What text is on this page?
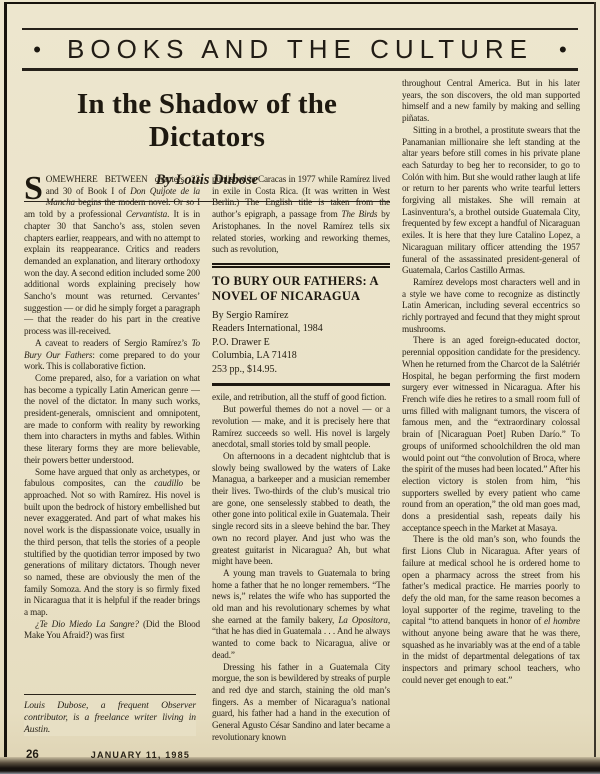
• BOOKS AND THE CULTURE •
In the Shadow of the Dictators
By Louis Dubose

SOMEWHERE BETWEEN chapters 23 and 30 of Book I of Don Quijote de la Mancha begins the modern novel. Or so I am told by a professional Cervantista. It is in chapter 30 that Sancho’s ass, stolen seven chapters earlier, reappears, and with no attempt to explain its reappearance. Critics and readers demanded an explanation, and literary orthodoxy won the day. A second edition included some 200 additional words explaining precisely how Sancho’s mount was returned. Cervantes’ suggestion — or did he simply forget a paragraph — that the reader do his part in the creative process was ill-received.

A caveat to readers of Sergio Ramírez’s To Bury Our Fathers: come prepared to do your work. This is collaborative fiction.

Come prepared, also, for a variation on what has become a typically Latin American genre — the novel of the dictator. In many such works, president-generals, omniscient and omnipotent, are made to conform with reality by reworking them into characters in myths and fables. Within these literary forms they are more believable, their powers better understood.

Some have argued that only as archetypes, or fabulous composites, can the caudillo be approached. Not so with Ramírez. His novel is built upon the bedrock of history embellished but never exaggerated. And part of what makes his novel work is the dispassionate voice, usually in the third person, that tells the stories of a people stultified by the quotidian terror imposed by two generations of military dictators. Though never so named, these are obviously the men of the family Somoza. And the story is so firmly fixed in Nicaragua that it is helpful if the reader brings a map.

¿Te Dio Miedo La Sangre? (Did the Blood Make You Afraid?) was first

published in Caracas in 1977 while Ramírez lived in exile in Costa Rica. (It was written in West Berlin.) The English title is taken from the author’s epigraph, a passage from The Birds by Aristophanes. In the novel Ramírez tells six related stories, working and reworking themes, such as revolution,

TO BURY OUR FATHERS: A NOVEL OF NICARAGUA
By Sergio Ramírez
Readers International, 1984
P.O. Drawer E
Columbia, LA 71418
253 pp., $14.95.

exile, and retribution, all the stuff of good fiction.

But powerful themes do not a novel — or a revolution — make, and it is precisely here that Ramírez succeeds so well. His novel is largely anecdotal, small stories told by small people.

On afternoons in a decadent nightclub that is slowly being swallowed by the waters of Lake Managua, a barkeeper and a musician remember their lives. Two-thirds of the club’s musical trio are gone, one senselessly stabbed to death, the other gone into political exile in Guatemala. Their single record sits in a sleeve behind the bar. They own no record player. And just who was the greatest guitarist in Nicaragua? Ah, but what might have been.

A young man travels to Guatemala to bring home a father that he no longer remembers. “The news is,” relates the wife who has supported the old man and his revolutionary schemes by what she earned at the family bakery, La Opositora, “that he has died in Guatemala . . . And he always wanted to come back to Nicaragua, alive or dead.”

Dressing his father in a Guatemala City morgue, the son is bewildered by streaks of purple and red dye and starch, staining the old man’s fingers. As a member of Nicaragua’s national guard, his father had a hand in the execution of General Agusto César Sandino and later became a revolutionary known

throughout Central America. But in his later years, the son discovers, the old man supported himself and a new family by making and selling piñatas.

Sitting in a brothel, a prostitute swears that the Panamanian millionaire she left standing at the altar years before still comes in his private plane each Saturday to beg her to reconsider, to go to Colón with him. But she would rather laugh at life or return to her parents who write tearful letters forgiving all mistakes. She will remain at Lasinventura’s, a brothel outside Guatemala City, frequented by few except a handful of Nicaraguan exiles. It is here that they lure Catalino Lopez, a Nicaraguan military officer attending the 1957 funeral of the assassinated president-general of Guatemala, Carlos Castillo Armas.

Ramírez develops most characters well and in a style we have come to recognize as distinctly Latin American, including several eccentrics so richly portrayed and fecund that they might sprout mushrooms.

There is an aged foreign-educated doctor, perennial opposition candidate for the presidency. When he returned from the Charcot de la Salétriér Hospital, he began performing the first modern surgery ever witnessed in Nicaragua. After his French wife dies he retires to a small room full of urns filled with malignant tumors, the viscera of famous men, and the “extraordinary colossal brain of [Nicaraguan Poet] Ruben Darío.” To groups of uniformed schoolchildren the old man would point out “the convolution of Broca, where the spirit of the muses had been located.” After his election victory is stolen from him, “his supporters swelled by every patient who came round from an operation,” the old man goes mad, dons a presidential sash, repeats daily his acceptance speech in the Market at Masaya.

There is the old man’s son, who founds the first Lions Club in Nicaragua. After years of failure at medical school he is ordered home to open a pharmacy across the street from his father’s medical practice. He marries poorly to defy the old man, for the same reason becomes a loyal supporter of the regime, traveling to the capital “to attend banquets in honor of el hombre without anyone being aware that he was there, squashed as he invariably was at the end of a table in the midst of departmental delegations of tax inspectors and primary school teachers, who could never get enough to eat.”

Louis Dubose, a frequent Observer contributor, is a freelance writer living in Austin.
26	JANUARY 11, 1985
